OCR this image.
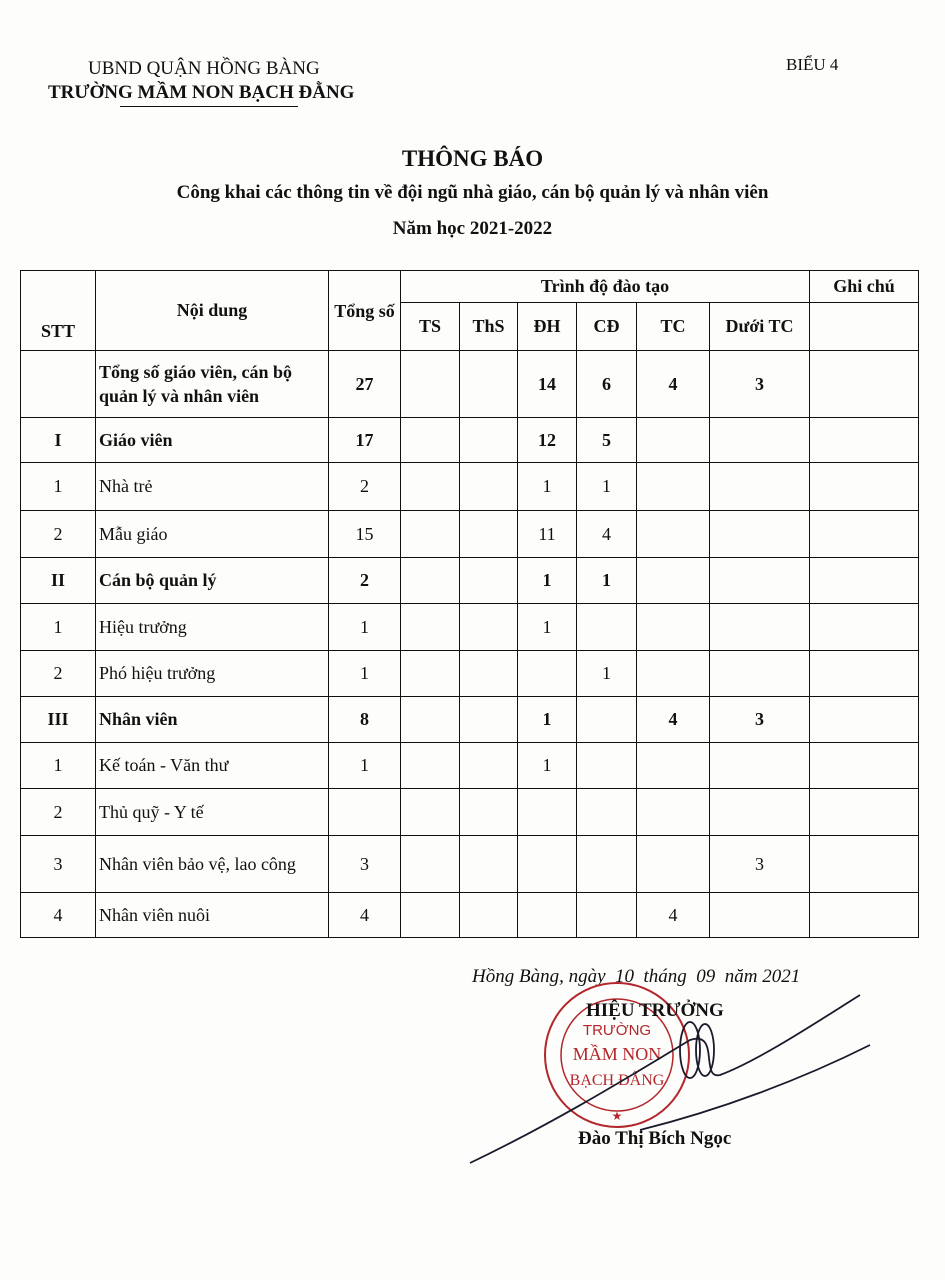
UBND QUẬN HỒNG BÀNG
TRƯỜNG MẦM NON BẠCH ĐẰNG
BIỂU 4
THÔNG BÁO
Công khai các thông tin về đội ngũ nhà giáo, cán bộ quản lý và nhân viên
Năm học 2021-2022
STT	Nội dung	Tổng số	Trình độ đào tạo						Ghi chú
			TS	ThS	ĐH	CĐ	TC	Dưới TC	
	Tổng số giáo viên, cán bộ quản lý và nhân viên	27			14	6	4	3	
I	Giáo viên	17			12	5			
1	Nhà trẻ	2			1	1			
2	Mẫu giáo	15			11	4			
II	Cán bộ quản lý	2			1	1			
1	Hiệu trưởng	1			1				
2	Phó hiệu trưởng	1				1			
III	Nhân viên	8			1		4	3	
1	Kế toán - Văn thư	1			1				
2	Thủ quỹ - Y tế								
3	Nhân viên bảo vệ, lao công	3						3	
4	Nhân viên nuôi	4					4		
Hồng Bàng, ngày  10  tháng  09  năm 2021
TRƯỜNG
MẦM NON
BẠCH ĐẰNG
★
HIỆU TRƯỞNG
Đào Thị Bích Ngọc
